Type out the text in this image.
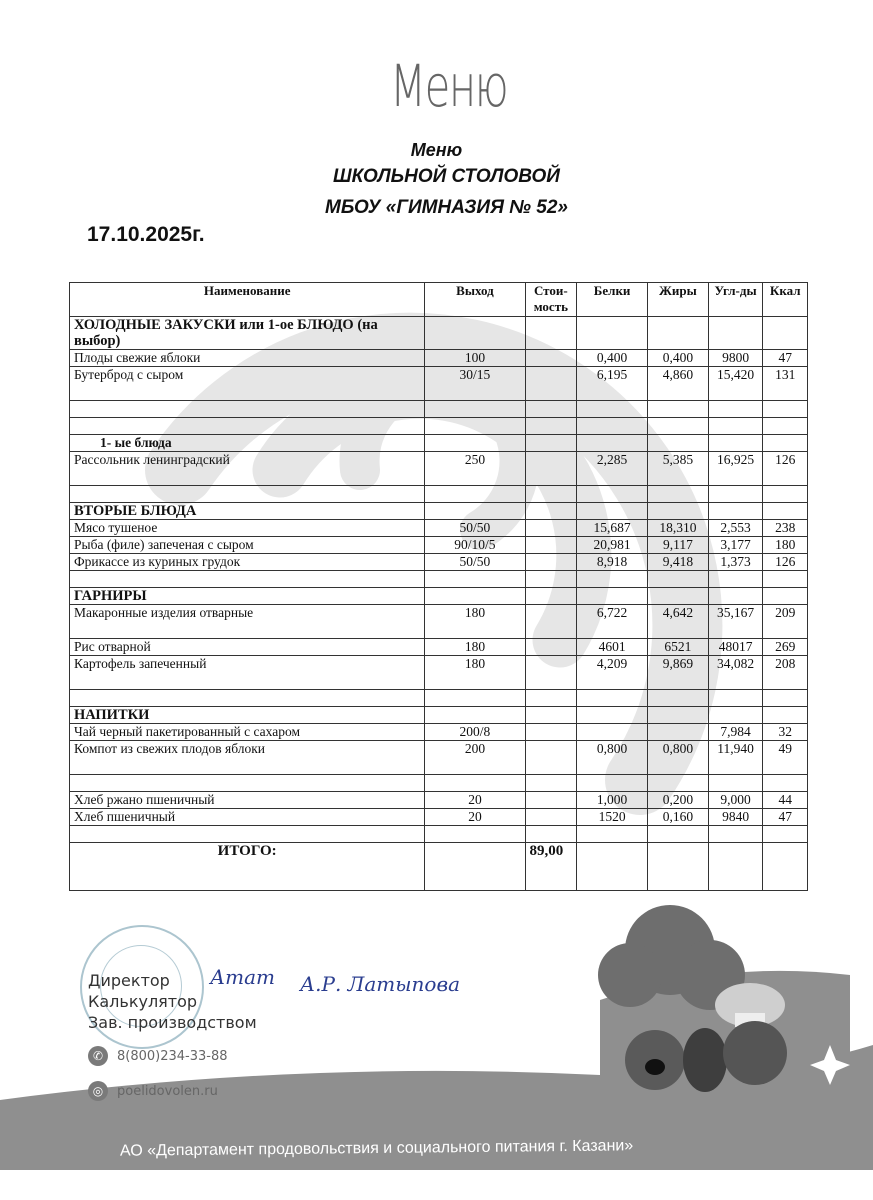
Меню
Меню
ШКОЛЬНОЙ СТОЛОВОЙ
МБОУ «ГИМНАЗИЯ № 52»
17.10.2025г.
Наименование	Выход	Стои-мость	Белки	Жиры	Угл-ды	Ккал
ХОЛОДНЫЕ ЗАКУСКИ или 1-ое БЛЮДО (на выбор)						
Плоды свежие яблоки	100		0,400	0,400	9800	47
Бутерброд с сыром	30/15		6,195	4,860	15,420	131

1- ые блюда						
Рассольник ленинградский	250		2,285	5,385	16,925	126

ВТОРЫЕ БЛЮДА						
Мясо тушеное	50/50		15,687	18,310	2,553	238
Рыба (филе) запеченая с сыром	90/10/5		20,981	9,117	3,177	180
Фрикассе из куриных грудок	50/50		8,918	9,418	1,373	126

ГАРНИРЫ						
Макаронные изделия отварные	180		6,722	4,642	35,167	209
Рис отварной	180		4601	6521	48017	269
Картофель запеченный	180		4,209	9,869	34,082	208

НАПИТКИ						
Чай черный пакетированный с сахаром	200/8				7,984	32
Компот из свежих плодов яблоки	200		0,800	0,800	11,940	49

Хлеб ржано пшеничный	20		1,000	0,200	9,000	44
Хлеб пшеничный	20		1520	0,160	9840	47

ИТОГО:		89,00				
Директор
Калькулятор
Зав. производством
Атат А.Р. Латыпова
✆	8(800)234-33-88
◎	poelidovolen.ru
АО «Департамент продовольствия и социального питания г. Казани»
